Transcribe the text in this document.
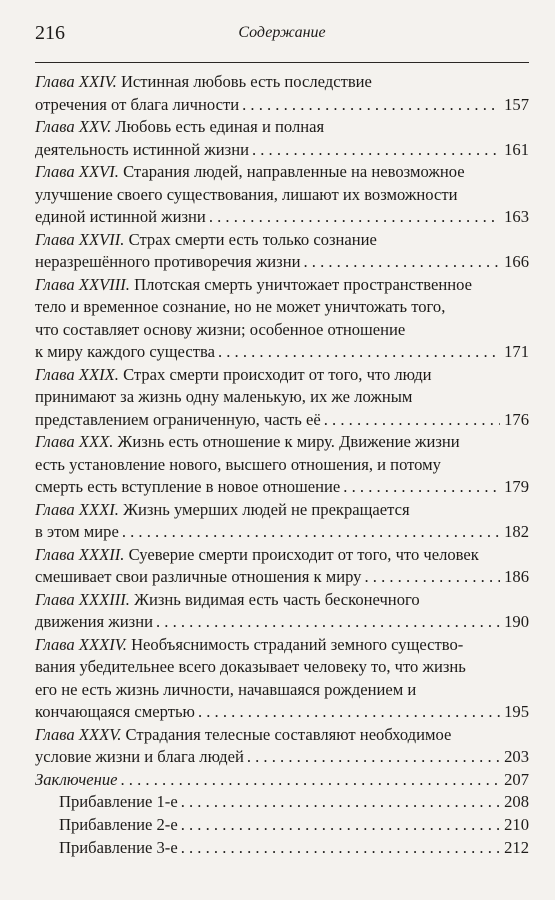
216	Содержание
Глава XXIV. Истинная любовь есть последствие
отречения от блага личности . . .	157
Глава XXV. Любовь есть единая и полная
деятельность истинной жизни . . .	161
Глава XXVI. Старания людей, направленные на невозможное
улучшение своего существования, лишают их возможности
единой истинной жизни . . .	163
Глава XXVII. Страх смерти есть только сознание
неразрешённого противоречия жизни . . .	166
Глава XXVIII. Плотская смерть уничтожает пространственное
тело и временное сознание, но не может уничтожать того,
что составляет основу жизни; особенное отношение
к миру каждого существа . . .	171
Глава XXIX. Страх смерти происходит от того, что люди
принимают за жизнь одну маленькую, их же ложным
представлением ограниченную, часть её . . .	176
Глава XXX. Жизнь есть отношение к миру. Движение жизни
есть установление нового, высшего отношения, и потому
смерть есть вступление в новое отношение . . .	179
Глава XXXI. Жизнь умерших людей не прекращается
в этом мире . . .	182
Глава XXXII. Суеверие смерти происходит от того, что человек
смешивает свои различные отношения к миру . . .	186
Глава XXXIII. Жизнь видимая есть часть бесконечного
движения жизни . . .	190
Глава XXXIV. Необъяснимость страданий земного существо-
вания убедительнее всего доказывает человеку то, что жизнь
его не есть жизнь личности, начавшаяся рождением и
кончающаяся смертью . . .	195
Глава XXXV. Страдания телесные составляют необходимое
условие жизни и блага людей . . .	203
Заключение . . .	207
Прибавление 1-е . . .	208
Прибавление 2-е . . .	210
Прибавление 3-е . . .	212
